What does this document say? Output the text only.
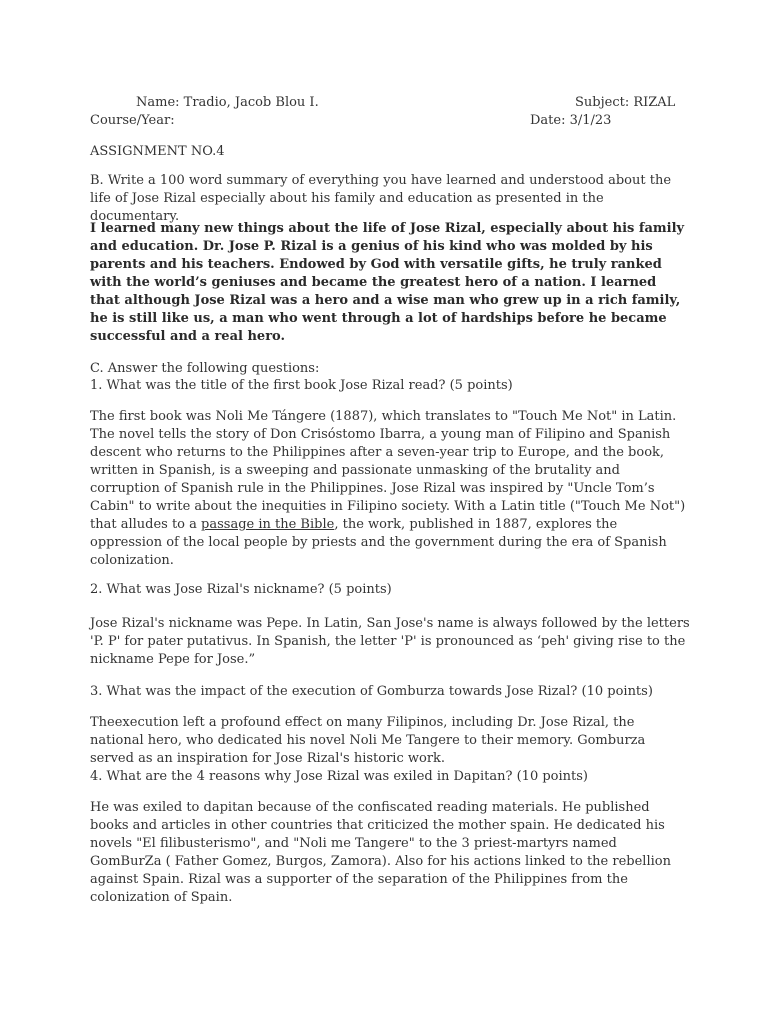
Name: Tradio, Jacob Blou I.	Subject: RIZAL
Course/Year:	Date: 3/1/23
ASSIGNMENT NO.4
B. Write a 100 word summary of everything you have learned and understood about the life of Jose Rizal especially about his family and education as presented in the documentary.
I learned many new things about the life of Jose Rizal, especially about his family and education. Dr. Jose P. Rizal is a genius of his kind who was molded by his parents and his teachers. Endowed by God with versatile gifts, he truly ranked with the world’s geniuses and became the greatest hero of a nation. I learned that although Jose Rizal was a hero and a wise man who grew up in a rich family, he is still like us, a man who went through a lot of hardships before he became successful and a real hero.
C. Answer the following questions:
1. What was the title of the first book Jose Rizal read? (5 points)
The first book was Noli Me Tángere (1887), which translates to "Touch Me Not" in Latin. The novel tells the story of Don Crisóstomo Ibarra, a young man of Filipino and Spanish descent who returns to the Philippines after a seven-year trip to Europe, and the book, written in Spanish, is a sweeping and passionate unmasking of the brutality and corruption of Spanish rule in the Philippines. Jose Rizal was inspired by "Uncle Tom’s Cabin" to write about the inequities in Filipino society. With a Latin title ("Touch Me Not") that alludes to a passage in the Bible, the work, published in 1887, explores the oppression of the local people by priests and the government during the era of Spanish colonization.
2. What was Jose Rizal's nickname? (5 points)
Jose Rizal's nickname was Pepe. In Latin, San Jose's name is always followed by the letters 'P. P' for pater putativus. In Spanish, the letter 'P' is pronounced as ‘peh' giving rise to the nickname Pepe for Jose.”
3. What was the impact of the execution of Gomburza towards Jose Rizal? (10 points)
Theexecution left a profound effect on many Filipinos, including Dr. Jose Rizal, the national hero, who dedicated his novel Noli Me Tangere to their memory. Gomburza served as an inspiration for Jose Rizal's historic work.
4. What are the 4 reasons why Jose Rizal was exiled in Dapitan? (10 points)
He was exiled to dapitan because of the confiscated reading materials. He published books and articles in other countries that criticized the mother spain. He dedicated his novels "El filibusterismo", and "Noli me Tangere" to the 3 priest-martyrs named GomBurZa ( Father Gomez, Burgos, Zamora). Also for his actions linked to the rebellion against Spain. Rizal was a supporter of the separation of the Philippines from the colonization of Spain.
